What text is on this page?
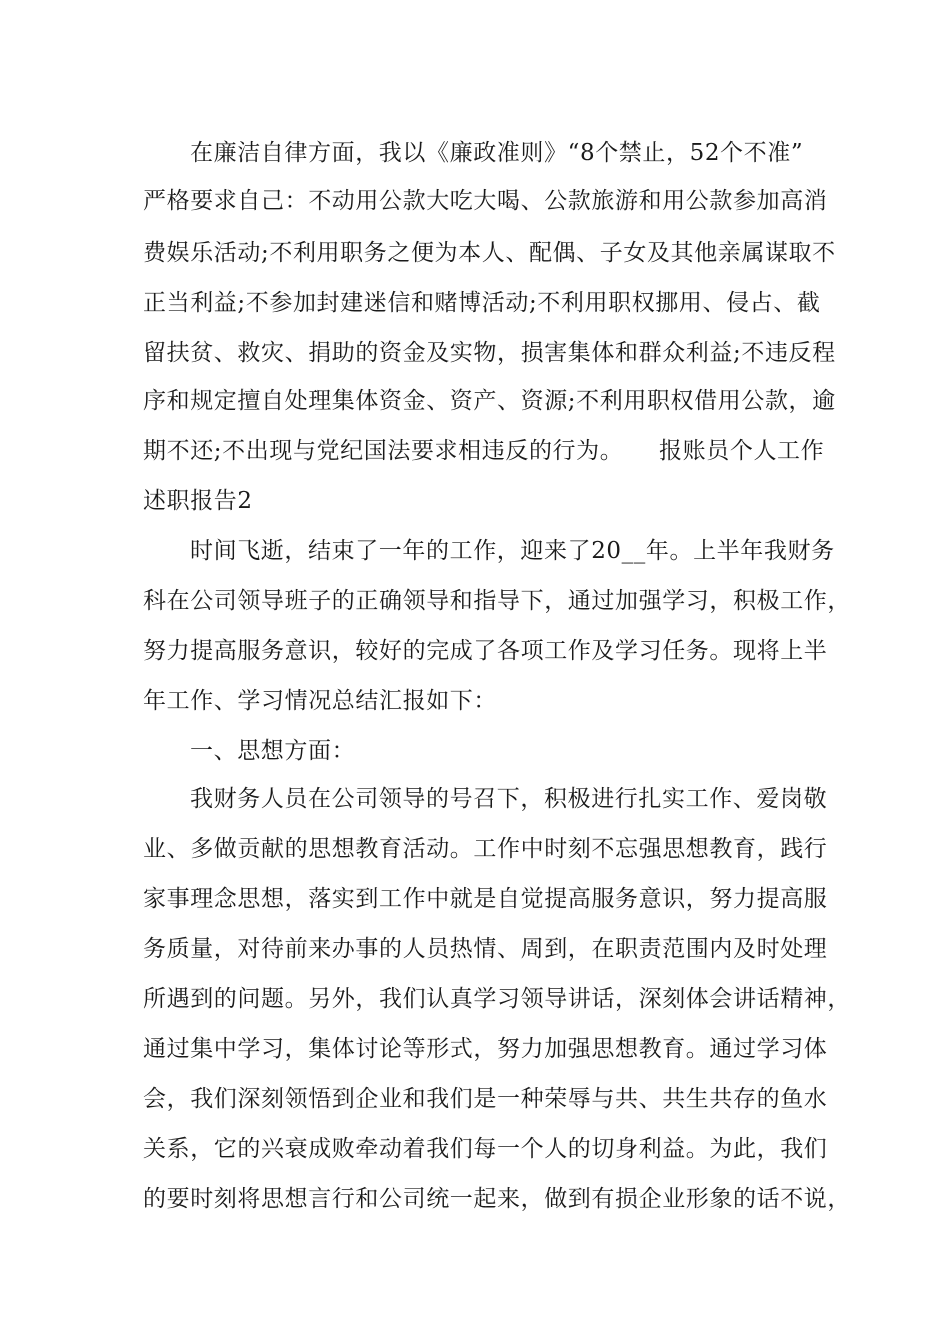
在廉洁自律方面，我以《廉政准则》“8个禁止，52个不准”
严格要求自己：不动用公款大吃大喝、公款旅游和用公款参加高消
费娱乐活动;不利用职务之便为本人、配偶、子女及其他亲属谋取不
正当利益;不参加封建迷信和赌博活动;不利用职权挪用、侵占、截
留扶贫、救灾、捐助的资金及实物，损害集体和群众利益;不违反程
序和规定擅自处理集体资金、资产、资源;不利用职权借用公款，逾
期不还;不出现与党纪国法要求相违反的行为。　　报账员个人工作
述职报告2
时间飞逝，结束了一年的工作，迎来了20__年。上半年我财务
科在公司领导班子的正确领导和指导下，通过加强学习，积极工作，
努力提高服务意识，较好的完成了各项工作及学习任务。现将上半
年工作、学习情况总结汇报如下：
一、思想方面：
我财务人员在公司领导的号召下，积极进行扎实工作、爱岗敬
业、多做贡献的思想教育活动。工作中时刻不忘强思想教育，践行
家事理念思想，落实到工作中就是自觉提高服务意识，努力提高服
务质量，对待前来办事的人员热情、周到，在职责范围内及时处理
所遇到的问题。另外，我们认真学习领导讲话，深刻体会讲话精神，
通过集中学习，集体讨论等形式，努力加强思想教育。通过学习体
会，我们深刻领悟到企业和我们是一种荣辱与共、共生共存的鱼水
关系，它的兴衰成败牵动着我们每一个人的切身利益。为此，我们
的要时刻将思想言行和公司统一起来，做到有损企业形象的话不说，
